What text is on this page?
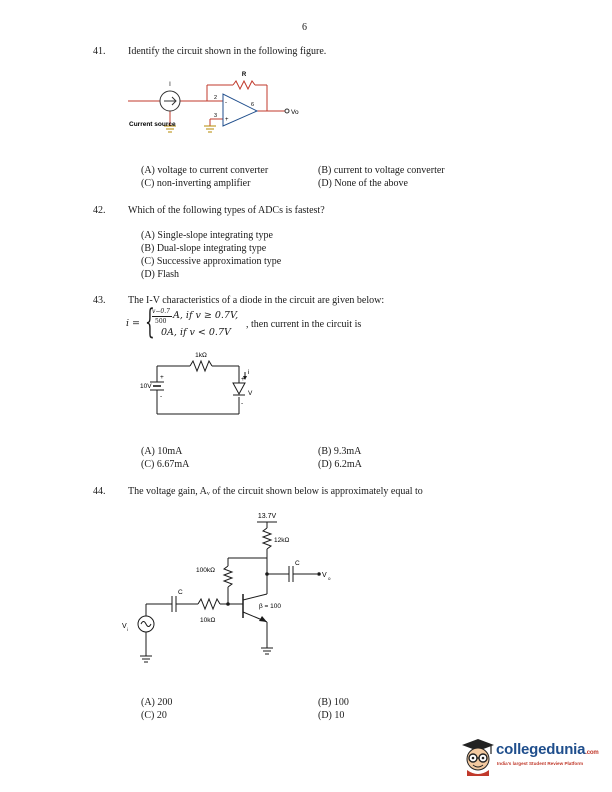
6
41. Identify the circuit shown in the following figure.
I
R
2
3
6
-
+
Vo
Current source
(A) voltage to current converter	(B) current to voltage converter
(C) non-inverting amplifier	(D) None of the above
42. Which of the following types of ADCs is fastest?
(A) Single-slope integrating type
(B) Dual-slope integrating type
(C) Successive approximation type
(D) Flash
43. The I-V characteristics of a diode in the circuit are given below:
i = {
v−0.7
500
A, if v ≥ 0.7V,
0A, if v < 0.7V
, then current in the circuit is
1kΩ
10V
+
-
i
V
+
-
(A) 10mA	(B) 9.3mA
(C) 6.67mA	(D) 6.2mA
44. The voltage gain, Aᵥ of the circuit shown below is approximately equal to
13.7V
12kΩ
100kΩ
10kΩ
β = 100
C
C
V o
V i
(A) 200	(B) 100
(C) 20	(D) 10
collegedunia.com
India's largest Student Review Platform
